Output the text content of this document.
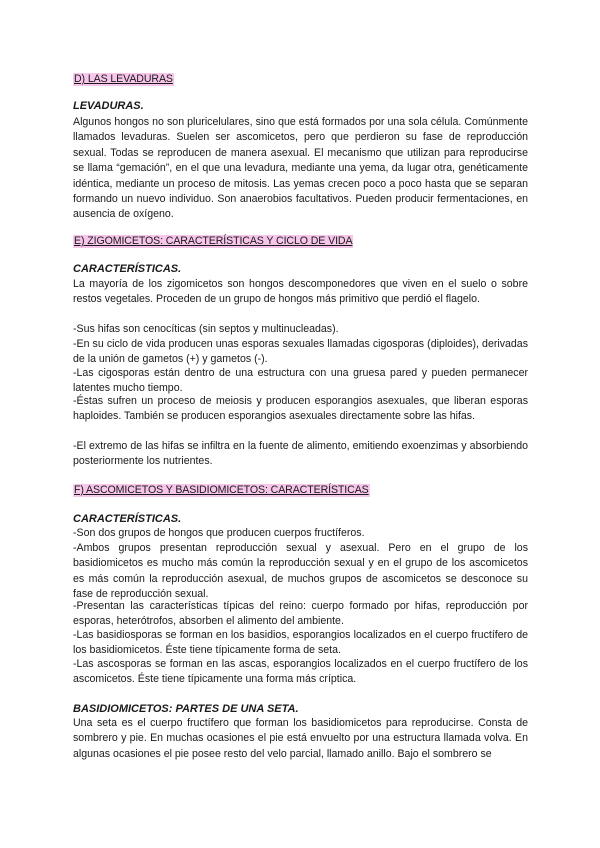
D) LAS LEVADURAS
LEVADURAS.

Algunos hongos no son pluricelulares, sino que está formados por una sola célula. Comúnmente llamados levaduras. Suelen ser ascomicetos, pero que perdieron su fase de reproducción sexual. Todas se reproducen de manera asexual. El mecanismo que utilizan para reproducirse se llama “gemación”, en el que una levadura, mediante una yema, da lugar otra, genéticamente idéntica, mediante un proceso de mitosis. Las yemas crecen poco a poco hasta que se separan formando un nuevo individuo. Son anaerobios facultativos. Pueden producir fermentaciones, en ausencia de oxígeno.

E) ZIGOMICETOS: CARACTERÍSTICAS Y CICLO DE VIDA
CARACTERÍSTICAS.

La mayoría de los zigomicetos son hongos descomponedores que viven en el suelo o sobre restos vegetales. Proceden de un grupo de hongos más primitivo que perdió el flagelo.

-Sus hifas son cenocíticas (sin septos y multinucleadas).

-En su ciclo de vida producen unas esporas sexuales llamadas cigosporas (diploides), derivadas de la unión de gametos (+) y gametos (-).

-Las cigosporas están dentro de una estructura con una gruesa pared y pueden permanecer latentes mucho tiempo.

-Éstas sufren un proceso de meiosis y producen esporangios asexuales, que liberan esporas haploides. También se producen esporangios asexuales directamente sobre las hifas.

-El extremo de las hifas se infiltra en la fuente de alimento, emitiendo exoenzimas y absorbiendo posteriormente los nutrientes.

F) ASCOMICETOS Y BASIDIOMICETOS: CARACTERÍSTICAS
CARACTERÍSTICAS.

-Son dos grupos de hongos que producen cuerpos fructíferos.

-Ambos grupos presentan reproducción sexual y asexual. Pero en el grupo de los basidiomicetos es mucho más común la reproducción sexual y en el grupo de los ascomicetos es más común la reproducción asexual, de muchos grupos de ascomicetos se desconoce su fase de reproducción sexual.

-Presentan las características típicas del reino: cuerpo formado por hifas, reproducción por esporas, heterótrofos, absorben el alimento del ambiente.

-Las basidiosporas se forman en los basidios, esporangios localizados en el cuerpo fructífero de los basidiomicetos. Éste tiene típicamente forma de seta.

-Las ascosporas se forman en las ascas, esporangios localizados en el cuerpo fructífero de los ascomicetos. Éste tiene típicamente una forma más críptica.

BASIDIOMICETOS: PARTES DE UNA SETA.

Una seta es el cuerpo fructífero que forman los basidiomicetos para reproducirse. Consta de sombrero y pie. En muchas ocasiones el pie está envuelto por una estructura llamada volva. En algunas ocasiones el pie posee resto del velo parcial, llamado anillo. Bajo el sombrero se
